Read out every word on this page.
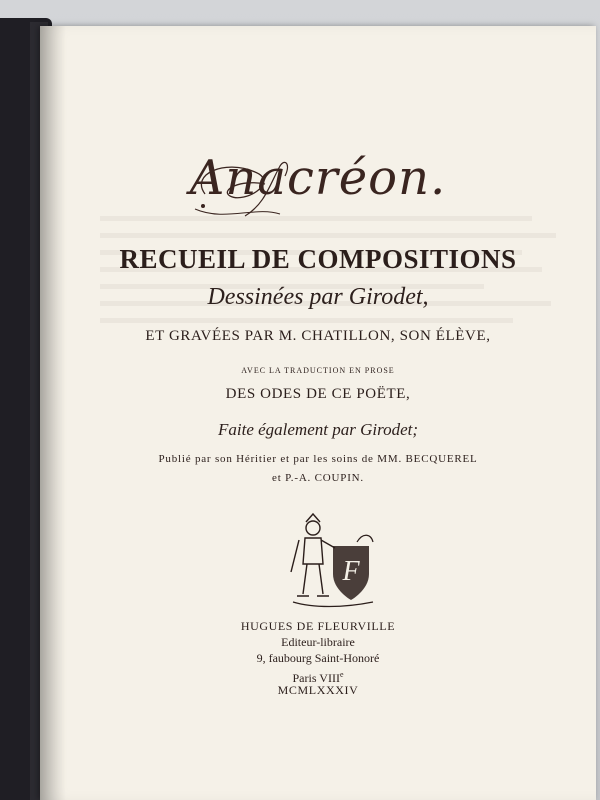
Anacréon.
RECUEIL DE COMPOSITIONS
Dessinées par Girodet,
ET GRAVÉES PAR M. CHATILLON, SON ÉLÈVE,
AVEC LA TRADUCTION EN PROSE
DES ODES DE CE POËTE,
Faite également par Girodet;
Publié par son Héritier et par les soins de MM. BECQUEREL
et P.-A. COUPIN.
F
HUGUES DE FLEURVILLE
Editeur-libraire
9, faubourg Saint-Honoré
Paris VIIIe
MCMLXXXIV
